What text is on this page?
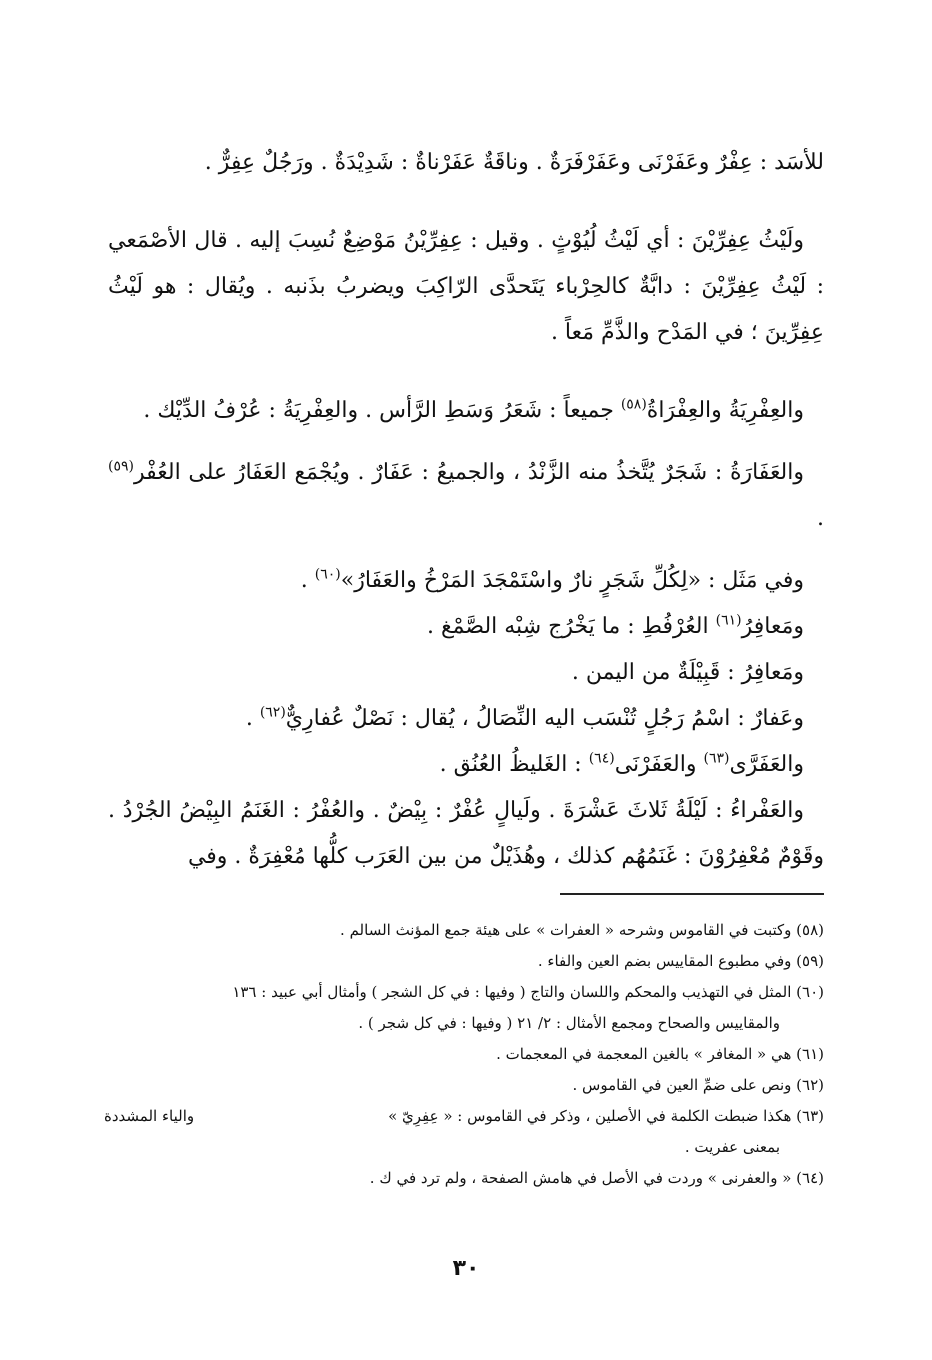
للأسَد : عِفْرٌ وعَفَرْنَى وعَفَرْفَرَةٌ . وناقَةٌ عَفَرْناةٌ : شَدِيْدَةٌ . ورَجُلٌ عِفِرٌّ .

ولَيْثُ عِفِرِّيْنَ : أي لَيْثُ لُيُوْثٍ . وقيل : عِفِرِّيْنُ مَوْضِعٌ نُسِبَ إليه . قال الأصْمَعي : لَيْثُ عِفِرِّيْنَ : دابَّةٌ كالحِرْباء يَتَحدَّى الرّاكِبَ ويضربُ بذَنبه . ويُقال : هو لَيْثُ عِفِرِّينَ ؛ في المَدْح والذَّمِّ مَعاً .

والعِفْرِيَةُ والعِفْرَاةُ$^{(٥٨)}$ جميعاً : شَعَرُ وَسَطِ الرَّأس . والعِفْرِيَةُ : عُرْفُ الدِّيْك .

والعَفَارَةُ : شَجَرٌ يُتَّخذُ منه الزَّنْدُ ، والجميعُ : عَفَارٌ . ويُجْمَع العَفَارُ على العُفْر$^{(٥٩)}$ .

وفي مَثَل : «لِكُلِّ شَجَرٍ نارٌ واسْتَمْجَدَ المَرْخُ والعَفَارُ»$^{(٦٠)}$ .

ومَعافِرُ$^{(٦١)}$ العُرْفُطِ : ما يَخْرُج شِبْه الصَّمْغ .

ومَعافِرُ : قَبِيْلَةٌ من اليمن .

وعَفارٌ : اسْمُ رَجُلٍ تُنْسَب اليه النِّصَالُ ، يُقال : نَصْلٌ عُفارِيٌّ$^{(٦٢)}$ .

والعَفَرَّى$^{(٦٣)}$ والعَفَرْنَى$^{(٦٤)}$ : الغَليظُ العُنُق .

والعَفْراءُ : لَيْلَةُ ثَلاثَ عَشْرَةَ . ولَيالٍ عُفْرٌ : بِيْضٌ . والعُفْرُ : الغَنَمُ البِيْضُ الجُرْدُ . وقَوْمٌ مُعْفِرُوْنَ : غَنَمُهُم كذلك ، وهُذَيْلٌ من بين العَرَب كلُّها مُعْفِرَةٌ . وفي

(٥٨) وكتبت في القاموس وشرحه « العفرات » على هيئة جمع المؤنث السالم .

(٥٩) وفي مطبوع المقاييس بضم العين والفاء .

(٦٠) المثل في التهذيب والمحكم واللسان والتاج ( وفيها : في كل الشجر ) وأمثال أبي عبيد : ١٣٦

والمقاييس والصحاح ومجمع الأمثال : ٢/ ٢١ ( وفيها : في كل شجر ) .

(٦١) هي « المغافر » بالغين المعجمة في المعجمات .

(٦٢) ونص على ضمِّ العين في القاموس .

(٦٣) هكذا ضبطت الكلمة في الأصلين ، وذكر في القاموس : « عِفِرِيّ »
والياء المشددة

بمعنى عفريت .

(٦٤) « والعفرنى » وردت في الأصل في هامش الصفحة ، ولم ترد في ك .

٣٠
